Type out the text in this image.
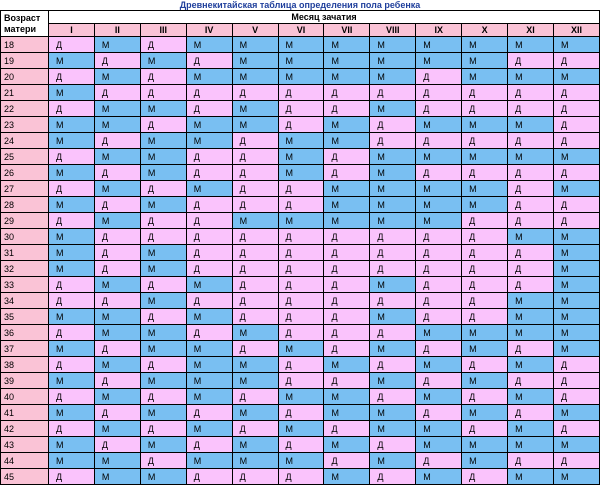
Древнекитайская таблица определения пола ребенка
Возраст матери	Месяц зачатия											
	I	II	III	IV	V	VI	VII	VIII	IX	X	XI	XII
18	Д	М	Д	М	М	М	М	М	М	М	М	М
19	М	Д	М	Д	М	М	М	М	М	М	Д	Д
20	Д	М	Д	М	М	М	М	М	Д	М	М	М
21	М	Д	Д	Д	Д	Д	Д	Д	Д	Д	Д	Д
22	Д	М	М	Д	М	Д	Д	М	Д	Д	Д	Д
23	М	М	Д	М	М	Д	М	Д	М	М	М	Д
24	М	Д	М	М	Д	М	М	Д	Д	Д	Д	Д
25	Д	М	М	Д	Д	М	Д	М	М	М	М	М
26	М	Д	М	Д	Д	М	Д	М	Д	Д	Д	Д
27	Д	М	Д	М	Д	Д	М	М	М	М	Д	М
28	М	Д	М	Д	Д	Д	М	М	М	М	Д	Д
29	Д	М	Д	Д	М	М	М	М	М	Д	Д	Д
30	М	Д	Д	Д	Д	Д	Д	Д	Д	Д	М	М
31	М	Д	М	Д	Д	Д	Д	Д	Д	Д	Д	М
32	М	Д	М	Д	Д	Д	Д	Д	Д	Д	Д	М
33	Д	М	Д	М	Д	Д	Д	М	Д	Д	Д	М
34	Д	Д	М	Д	Д	Д	Д	Д	Д	Д	М	М
35	М	М	Д	М	Д	Д	Д	М	Д	Д	М	М
36	Д	М	М	Д	М	Д	Д	Д	М	М	М	М
37	М	Д	М	М	Д	М	Д	М	Д	М	Д	М
38	Д	М	Д	М	М	Д	М	Д	М	Д	М	Д
39	М	Д	М	М	М	Д	Д	М	Д	М	Д	Д
40	Д	М	Д	М	Д	М	М	Д	М	Д	М	Д
41	М	Д	М	Д	М	Д	М	М	Д	М	Д	М
42	Д	М	Д	М	Д	М	Д	М	М	Д	М	Д
43	М	Д	М	Д	М	Д	М	Д	М	М	М	М
44	М	М	Д	М	М	М	Д	М	Д	М	Д	Д
45	Д	М	М	Д	Д	Д	М	Д	М	Д	М	М
